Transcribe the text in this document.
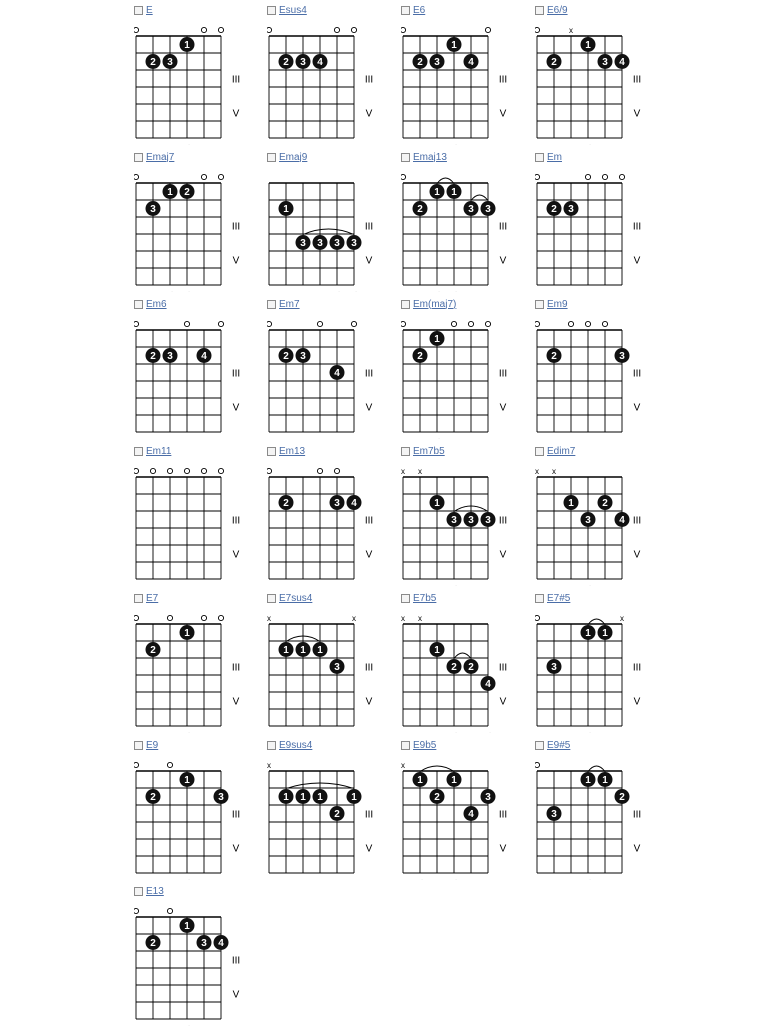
E
1
2 3
III
V
Esus4
2 3 4
III
V
E6
1
2 3	4
III
V
E6/9
x
1
2	3 4
III
V
Emaj7
1 2
3
III
V
Emaj9
1
3 3 3 3
III
V
Emaj13
1 1
2	3 3
III
V
Em
2 3
III
V
Em6
2 3	4
III
V
Em7
2 3
4	III
V
Em(maj7)
1
2
III
V
Em9
2	3
III
V
Em11
III
V
Em13
2	3 4
III
V
Em7b5
x x
1
3 3 3 III
V
Edim7
x x
1	2
3	4 III
V
E7
1
2
III
V
E7sus4
x	x
1 1 1
3	III
V
E7b5
x x
1
2 2
4
III
V
E7#5
x
1 1
3	III
V
E9
1
2	3
III
V
E9sus4
x
1 1 1	1
2	III
V
E9b5
x
1	1
2	3
4	III
V
E9#5
1 1
2
3	III
V
E13
1
2	3 4
III
V
